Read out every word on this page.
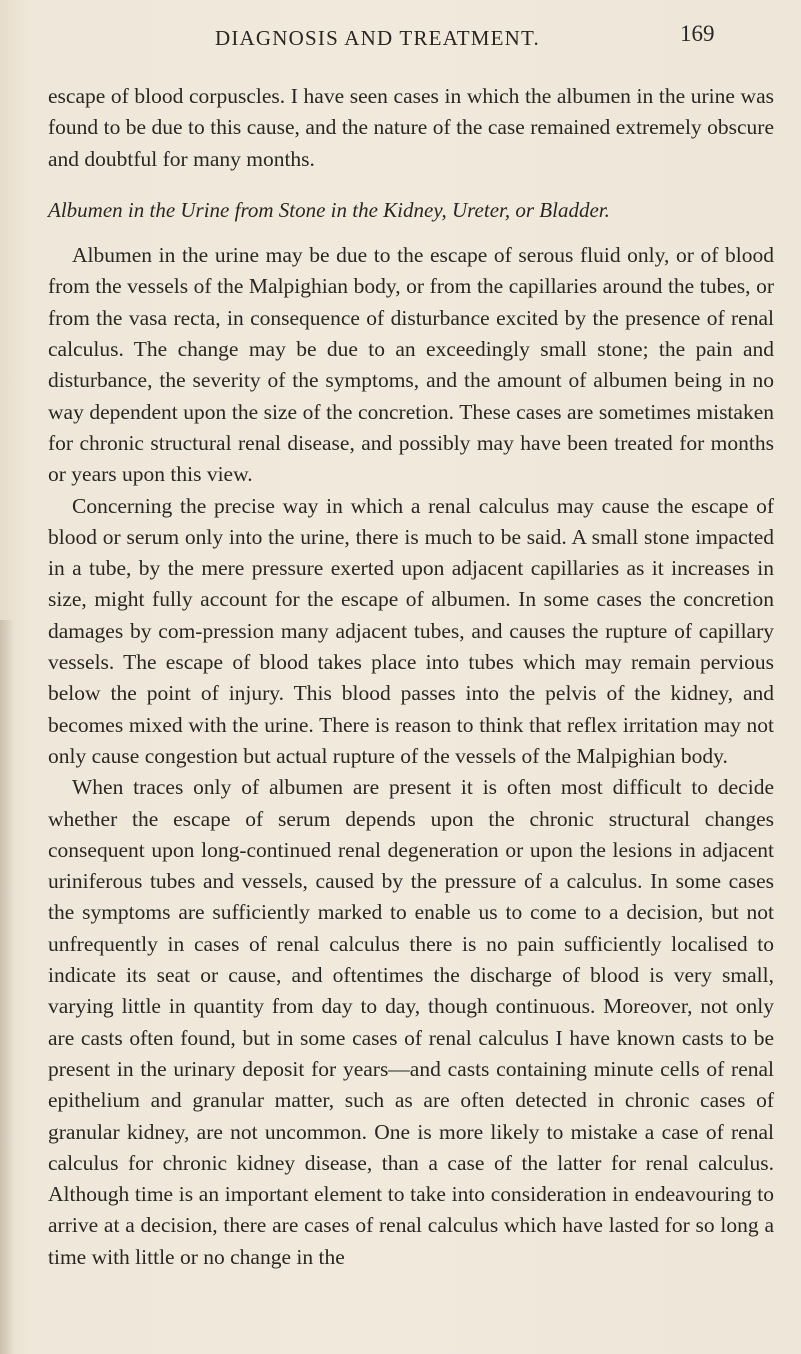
DIAGNOSIS AND TREATMENT.	169

escape of blood corpuscles. I have seen cases in which the albumen in the urine was found to be due to this cause, and the nature of the case remained extremely obscure and doubtful for many months.

Albumen in the Urine from Stone in the Kidney, Ureter, or Bladder.

Albumen in the urine may be due to the escape of serous fluid only, or of blood from the vessels of the Malpighian body, or from the capillaries around the tubes, or from the vasa recta, in consequence of disturbance excited by the presence of renal calculus. The change may be due to an exceedingly small stone; the pain and disturbance, the severity of the symptoms, and the amount of albumen being in no way dependent upon the size of the concretion. These cases are sometimes mistaken for chronic structural renal disease, and possibly may have been treated for months or years upon this view.

Concerning the precise way in which a renal calculus may cause the escape of blood or serum only into the urine, there is much to be said. A small stone impacted in a tube, by the mere pressure exerted upon adjacent capillaries as it increases in size, might fully account for the escape of albumen. In some cases the concretion damages by com-pression many adjacent tubes, and causes the rupture of capillary vessels. The escape of blood takes place into tubes which may remain pervious below the point of injury. This blood passes into the pelvis of the kidney, and becomes mixed with the urine. There is reason to think that reflex irritation may not only cause congestion but actual rupture of the vessels of the Malpighian body.

When traces only of albumen are present it is often most difficult to decide whether the escape of serum depends upon the chronic structural changes consequent upon long-continued renal degeneration or upon the lesions in adjacent uriniferous tubes and vessels, caused by the pressure of a calculus. In some cases the symptoms are sufficiently marked to enable us to come to a decision, but not unfrequently in cases of renal calculus there is no pain sufficiently localised to indicate its seat or cause, and oftentimes the discharge of blood is very small, varying little in quantity from day to day, though continuous. Moreover, not only are casts often found, but in some cases of renal calculus I have known casts to be present in the urinary deposit for years—and casts containing minute cells of renal epithelium and granular matter, such as are often detected in chronic cases of granular kidney, are not uncommon. One is more likely to mistake a case of renal calculus for chronic kidney disease, than a case of the latter for renal calculus. Although time is an important element to take into consideration in endeavouring to arrive at a decision, there are cases of renal calculus which have lasted for so long a time with little or no change in the
